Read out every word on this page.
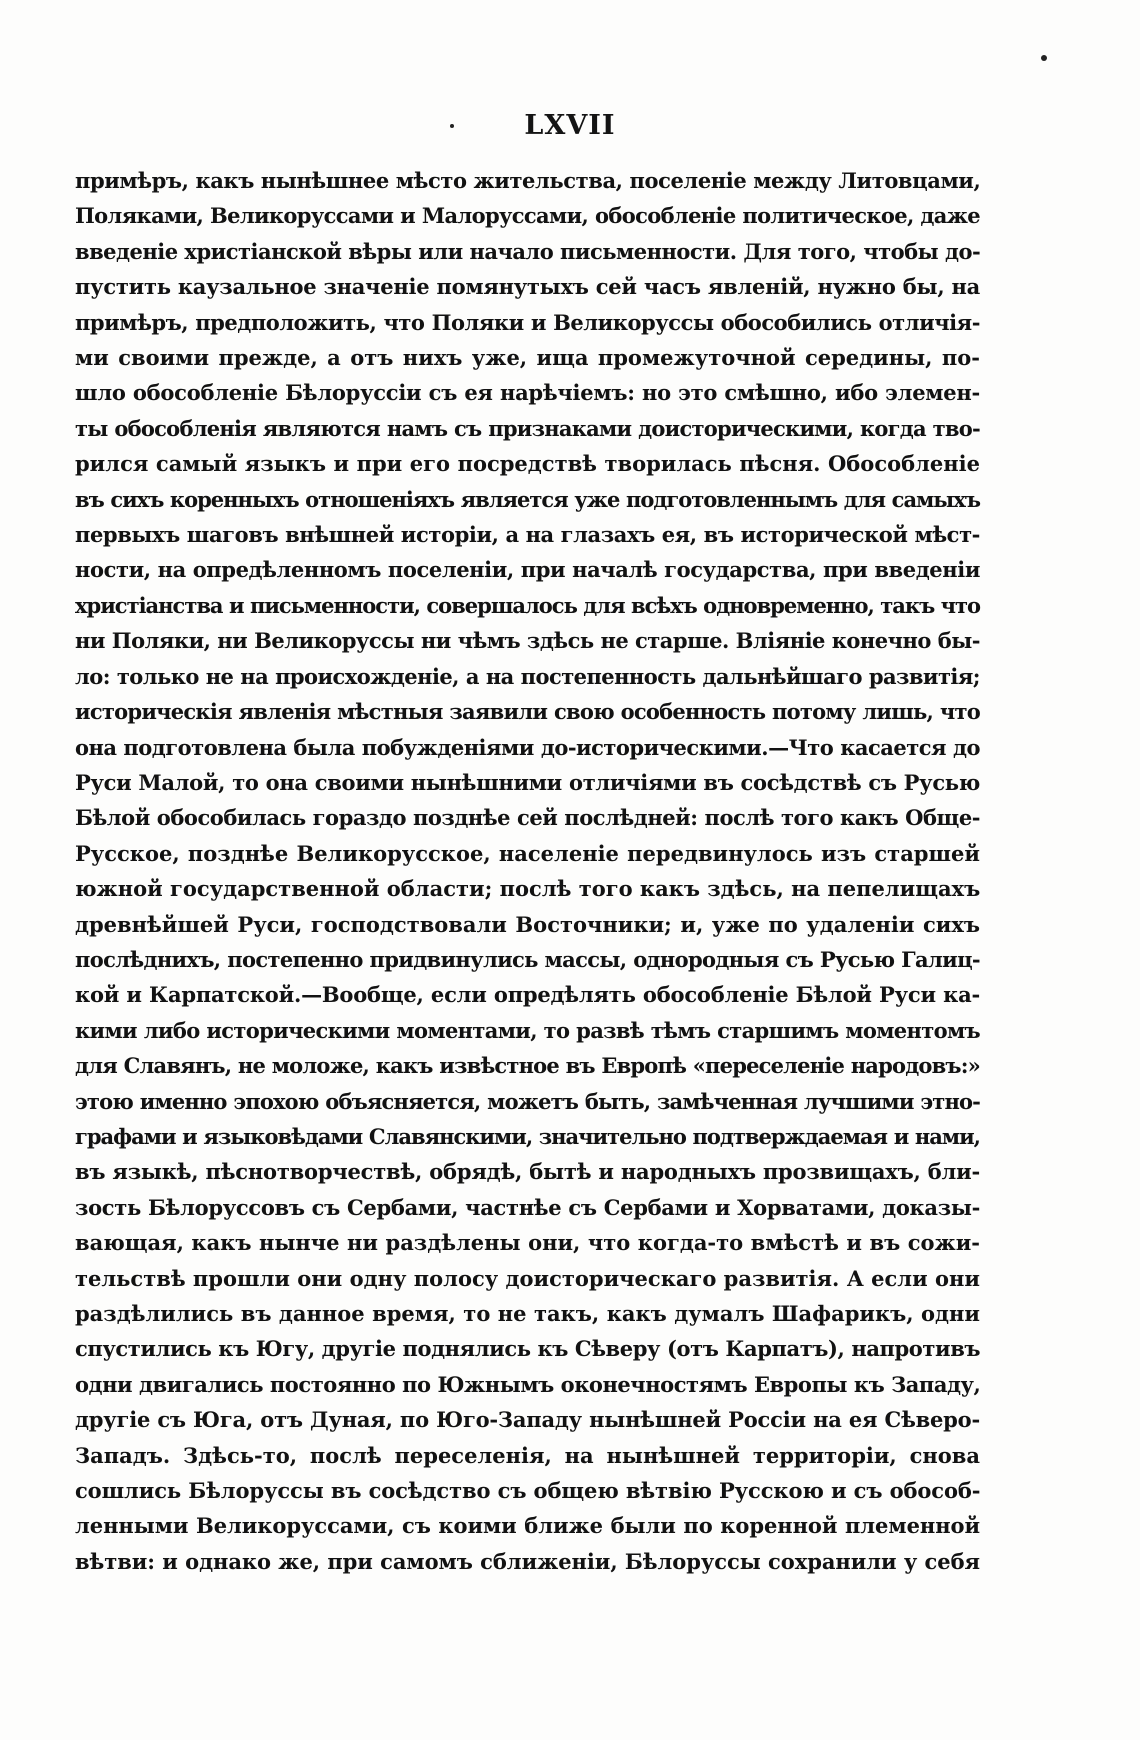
LXVII
примѣръ, какъ нынѣшнее мѣсто жительства, поселеніе между Литовцами,
Поляками, Великоруссами и Малоруссами, обособленіе политическое, даже
введеніе христіанской вѣры или начало письменности. Для того, чтобы до-
пустить каузальное значеніе помянутыхъ сей часъ явленій, нужно бы, на
примѣръ, предположить, что Поляки и Великоруссы обособились отличія-
ми своими прежде, а отъ нихъ уже, ища промежуточной середины, по-
шло обособленіе Бѣлоруссіи съ ея нарѣчіемъ: но это смѣшно, ибо элемен-
ты обособленія являются намъ съ признаками доисторическими, когда тво-
рился самый языкъ и при его посредствѣ творилась пѣсня. Обособленіе
въ сихъ коренныхъ отношеніяхъ является уже подготовленнымъ для самыхъ
первыхъ шаговъ внѣшней исторіи, а на глазахъ ея, въ исторической мѣст-
ности, на опредѣленномъ поселеніи, при началѣ государства, при введеніи
христіанства и письменности, совершалось для всѣхъ одновременно, такъ что
ни Поляки, ни Великоруссы ни чѣмъ здѣсь не старше. Вліяніе конечно бы-
ло: только не на происхожденіе, а на постепенность дальнѣйшаго развитія;
историческія явленія мѣстныя заявили свою особенность потому лишь, что
она подготовлена была побужденіями до-историческими.—Что касается до
Руси Малой, то она своими нынѣшними отличіями въ сосѣдствѣ съ Русью
Бѣлой обособилась гораздо позднѣе сей послѣдней: послѣ того какъ Обще-
Русское, позднѣе Великорусское, населеніе передвинулось изъ старшей
южной государственной области; послѣ того какъ здѣсь, на пепелищахъ
древнѣйшей Руси, господствовали Восточники; и, уже по удаленіи сихъ
послѣднихъ, постепенно придвинулись массы, однородныя съ Русью Галиц-
кой и Карпатской.—Вообще, если опредѣлять обособленіе Бѣлой Руси ка-
кими либо историческими моментами, то развѣ тѣмъ старшимъ моментомъ
для Славянъ, не моложе, какъ извѣстное въ Европѣ «переселеніе народовъ:»
этою именно эпохою объясняется, можетъ быть, замѣченная лучшими этно-
графами и языковѣдами Славянскими, значительно подтверждаемая и нами,
въ языкѣ, пѣснотворчествѣ, обрядѣ, бытѣ и народныхъ прозвищахъ, бли-
зость Бѣлоруссовъ съ Сербами, частнѣе съ Сербами и Хорватами, доказы-
вающая, какъ нынче ни раздѣлены они, что когда-то вмѣстѣ и въ сожи-
тельствѣ прошли они одну полосу доисторическаго развитія. А если они
раздѣлились въ данное время, то не такъ, какъ думалъ Шафарикъ, одни
спустились къ Югу, другіе поднялись къ Сѣверу (отъ Карпатъ), напротивъ
одни двигались постоянно по Южнымъ оконечностямъ Европы къ Западу,
другіе съ Юга, отъ Дуная, по Юго-Западу нынѣшней Россіи на ея Сѣверо-
Западъ. Здѣсь-то, послѣ переселенія, на нынѣшней территоріи, снова
сошлись Бѣлоруссы въ сосѣдство съ общею вѣтвію Русскою и съ обособ-
ленными Великоруссами, съ коими ближе были по коренной племенной
вѣтви: и однако же, при самомъ сближеніи, Бѣлоруссы сохранили у себя
